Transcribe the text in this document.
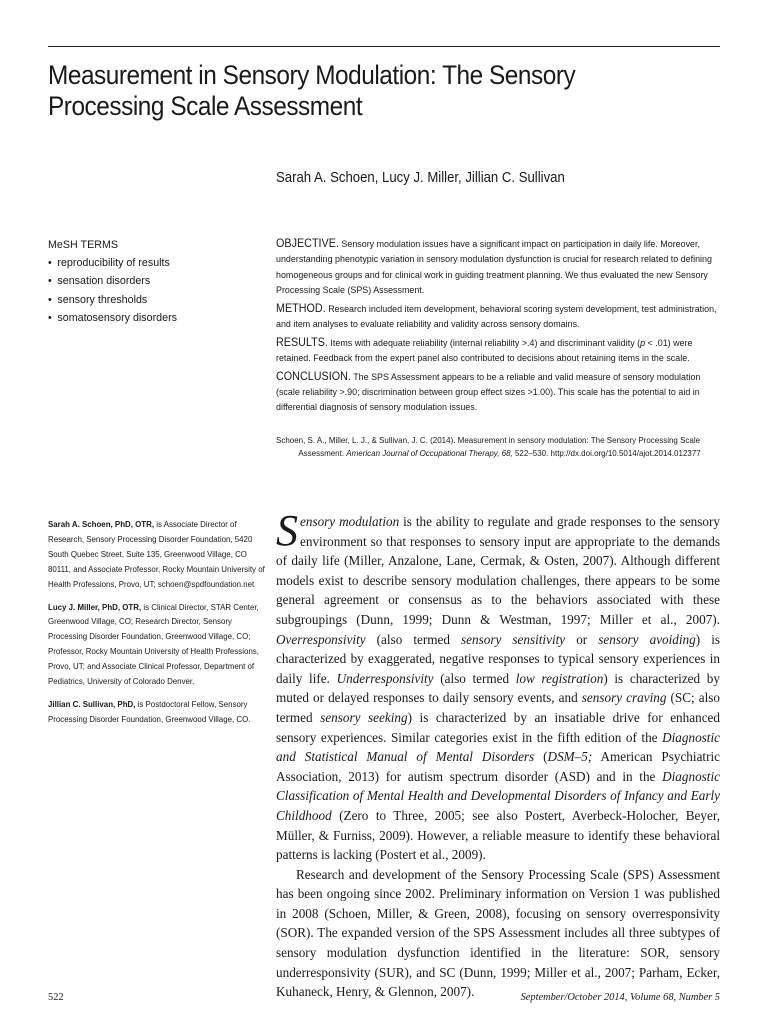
Measurement in Sensory Modulation: The Sensory Processing Scale Assessment
Sarah A. Schoen, Lucy J. Miller, Jillian C. Sullivan
MeSH TERMS
• reproducibility of results
• sensation disorders
• sensory thresholds
• somatosensory disorders

OBJECTIVE. Sensory modulation issues have a significant impact on participation in daily life. Moreover, understanding phenotypic variation in sensory modulation dysfunction is crucial for research related to defining homogeneous groups and for clinical work in guiding treatment planning. We thus evaluated the new Sensory Processing Scale (SPS) Assessment.

METHOD. Research included item development, behavioral scoring system development, test administration, and item analyses to evaluate reliability and validity across sensory domains.

RESULTS. Items with adequate reliability (internal reliability >.4) and discriminant validity (p < .01) were retained. Feedback from the expert panel also contributed to decisions about retaining items in the scale.

CONCLUSION. The SPS Assessment appears to be a reliable and valid measure of sensory modulation (scale reliability >.90; discrimination between group effect sizes >1.00). This scale has the potential to aid in differential diagnosis of sensory modulation issues.

Schoen, S. A., Miller, L. J., & Sullivan, J. C. (2014). Measurement in sensory modulation: The Sensory Processing Scale
Assessment. American Journal of Occupational Therapy, 68, 522–530. http://dx.doi.org/10.5014/ajot.2014.012377

Sarah A. Schoen, PhD, OTR, is Associate Director of Research, Sensory Processing Disorder Foundation, 5420 South Quebec Street, Suite 135, Greenwood Village, CO 80111, and Associate Professor, Rocky Mountain University of Health Professions, Provo, UT; schoen@spdfoundation.net

Lucy J. Miller, PhD, OTR, is Clinical Director, STAR Center, Greenwood Village, CO; Research Director, Sensory Processing Disorder Foundation, Greenwood Village, CO; Professor, Rocky Mountain University of Health Professions, Provo, UT; and Associate Clinical Professor, Department of Pediatrics, University of Colorado Denver.

Jillian C. Sullivan, PhD, is Postdoctoral Fellow, Sensory Processing Disorder Foundation, Greenwood Village, CO.

Sensory modulation is the ability to regulate and grade responses to the sensory environment so that responses to sensory input are appropriate to the demands of daily life (Miller, Anzalone, Lane, Cermak, & Osten, 2007). Although different models exist to describe sensory modulation challenges, there appears to be some general agreement or consensus as to the behaviors associated with these subgroupings (Dunn, 1999; Dunn & Westman, 1997; Miller et al., 2007). Overresponsivity (also termed sensory sensitivity or sensory avoiding) is characterized by exaggerated, negative responses to typical sensory experiences in daily life. Underresponsivity (also termed low registration) is characterized by muted or delayed responses to daily sensory events, and sensory craving (SC; also termed sensory seeking) is characterized by an insatiable drive for enhanced sensory experiences. Similar categories exist in the fifth edition of the Diagnostic and Statistical Manual of Mental Disorders (DSM–5; American Psychiatric Association, 2013) for autism spectrum disorder (ASD) and in the Diagnostic Classification of Mental Health and Developmental Disorders of Infancy and Early Childhood (Zero to Three, 2005; see also Postert, Averbeck-Holocher, Beyer, Müller, & Furniss, 2009). However, a reliable measure to identify these behavioral patterns is lacking (Postert et al., 2009).

Research and development of the Sensory Processing Scale (SPS) Assessment has been ongoing since 2002. Preliminary information on Version 1 was published in 2008 (Schoen, Miller, & Green, 2008), focusing on sensory overresponsivity (SOR). The expanded version of the SPS Assessment includes all three subtypes of sensory modulation dysfunction identified in the literature: SOR, sensory underresponsivity (SUR), and SC (Dunn, 1999; Miller et al., 2007; Parham, Ecker, Kuhaneck, Henry, & Glennon, 2007).

522	September/October 2014, Volume 68, Number 5
